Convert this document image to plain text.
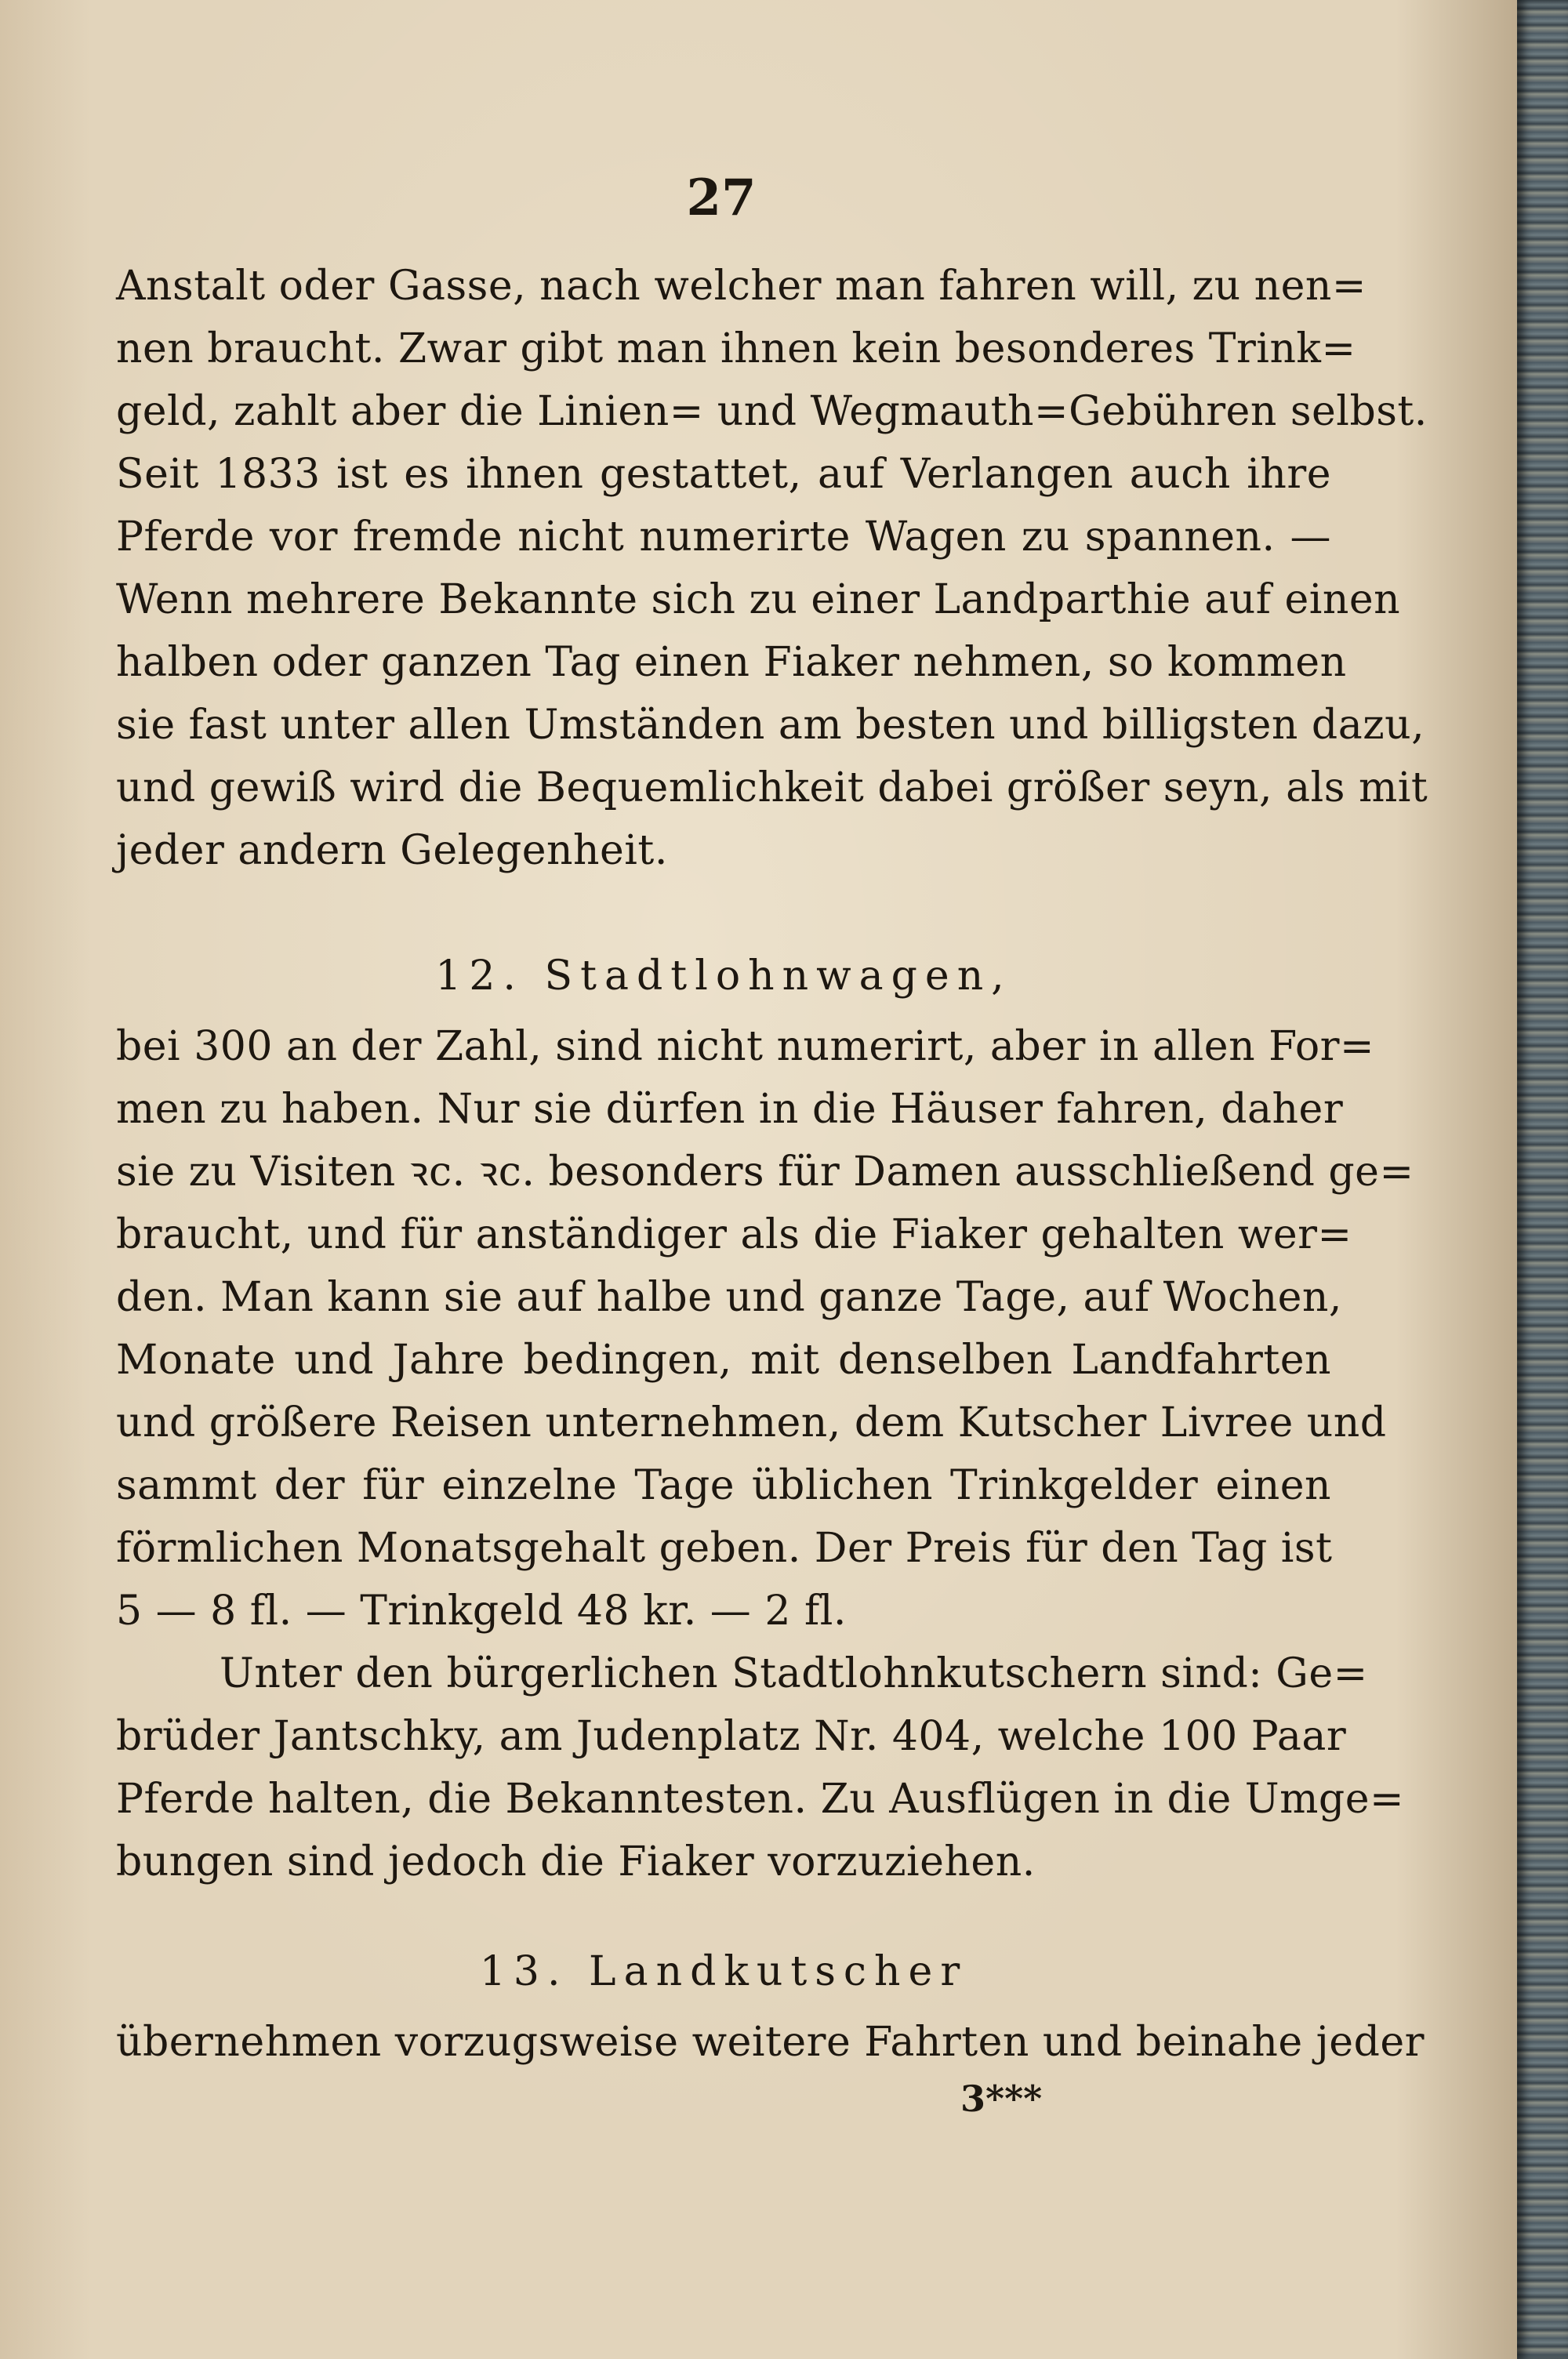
27
Anstalt oder Gasse, nach welcher man fahren will, zu nen=
nen braucht. Zwar gibt man ihnen kein besonderes Trink=
geld, zahlt aber die Linien= und Wegmauth=Gebühren selbst.
Seit 1833 ist es ihnen gestattet, auf Verlangen auch ihre
Pferde vor fremde nicht numerirte Wagen zu spannen. —
Wenn mehrere Bekannte sich zu einer Landparthie auf einen
halben oder ganzen Tag einen Fiaker nehmen, so kommen
sie fast unter allen Umständen am besten und billigsten dazu,
und gewiß wird die Bequemlichkeit dabei größer seyn, als mit
jeder andern Gelegenheit.
12. Stadtlohnwagen,
bei 300 an der Zahl, sind nicht numerirt, aber in allen For=
men zu haben. Nur sie dürfen in die Häuser fahren, daher
sie zu Visiten ꝛc. ꝛc. besonders für Damen ausschließend ge=
braucht, und für anständiger als die Fiaker gehalten wer=
den. Man kann sie auf halbe und ganze Tage, auf Wochen,
Monate und Jahre bedingen, mit denselben Landfahrten
und größere Reisen unternehmen, dem Kutscher Livree und
sammt der für einzelne Tage üblichen Trinkgelder einen
förmlichen Monatsgehalt geben. Der Preis für den Tag ist
5 — 8 fl. — Trinkgeld 48 kr. — 2 fl.
Unter den bürgerlichen Stadtlohnkutschern sind: Ge=
brüder Jantschky, am Judenplatz Nr. 404, welche 100 Paar
Pferde halten, die Bekanntesten. Zu Ausflügen in die Umge=
bungen sind jedoch die Fiaker vorzuziehen.
13. Landkutscher
übernehmen vorzugsweise weitere Fahrten und beinahe jeder
3***
